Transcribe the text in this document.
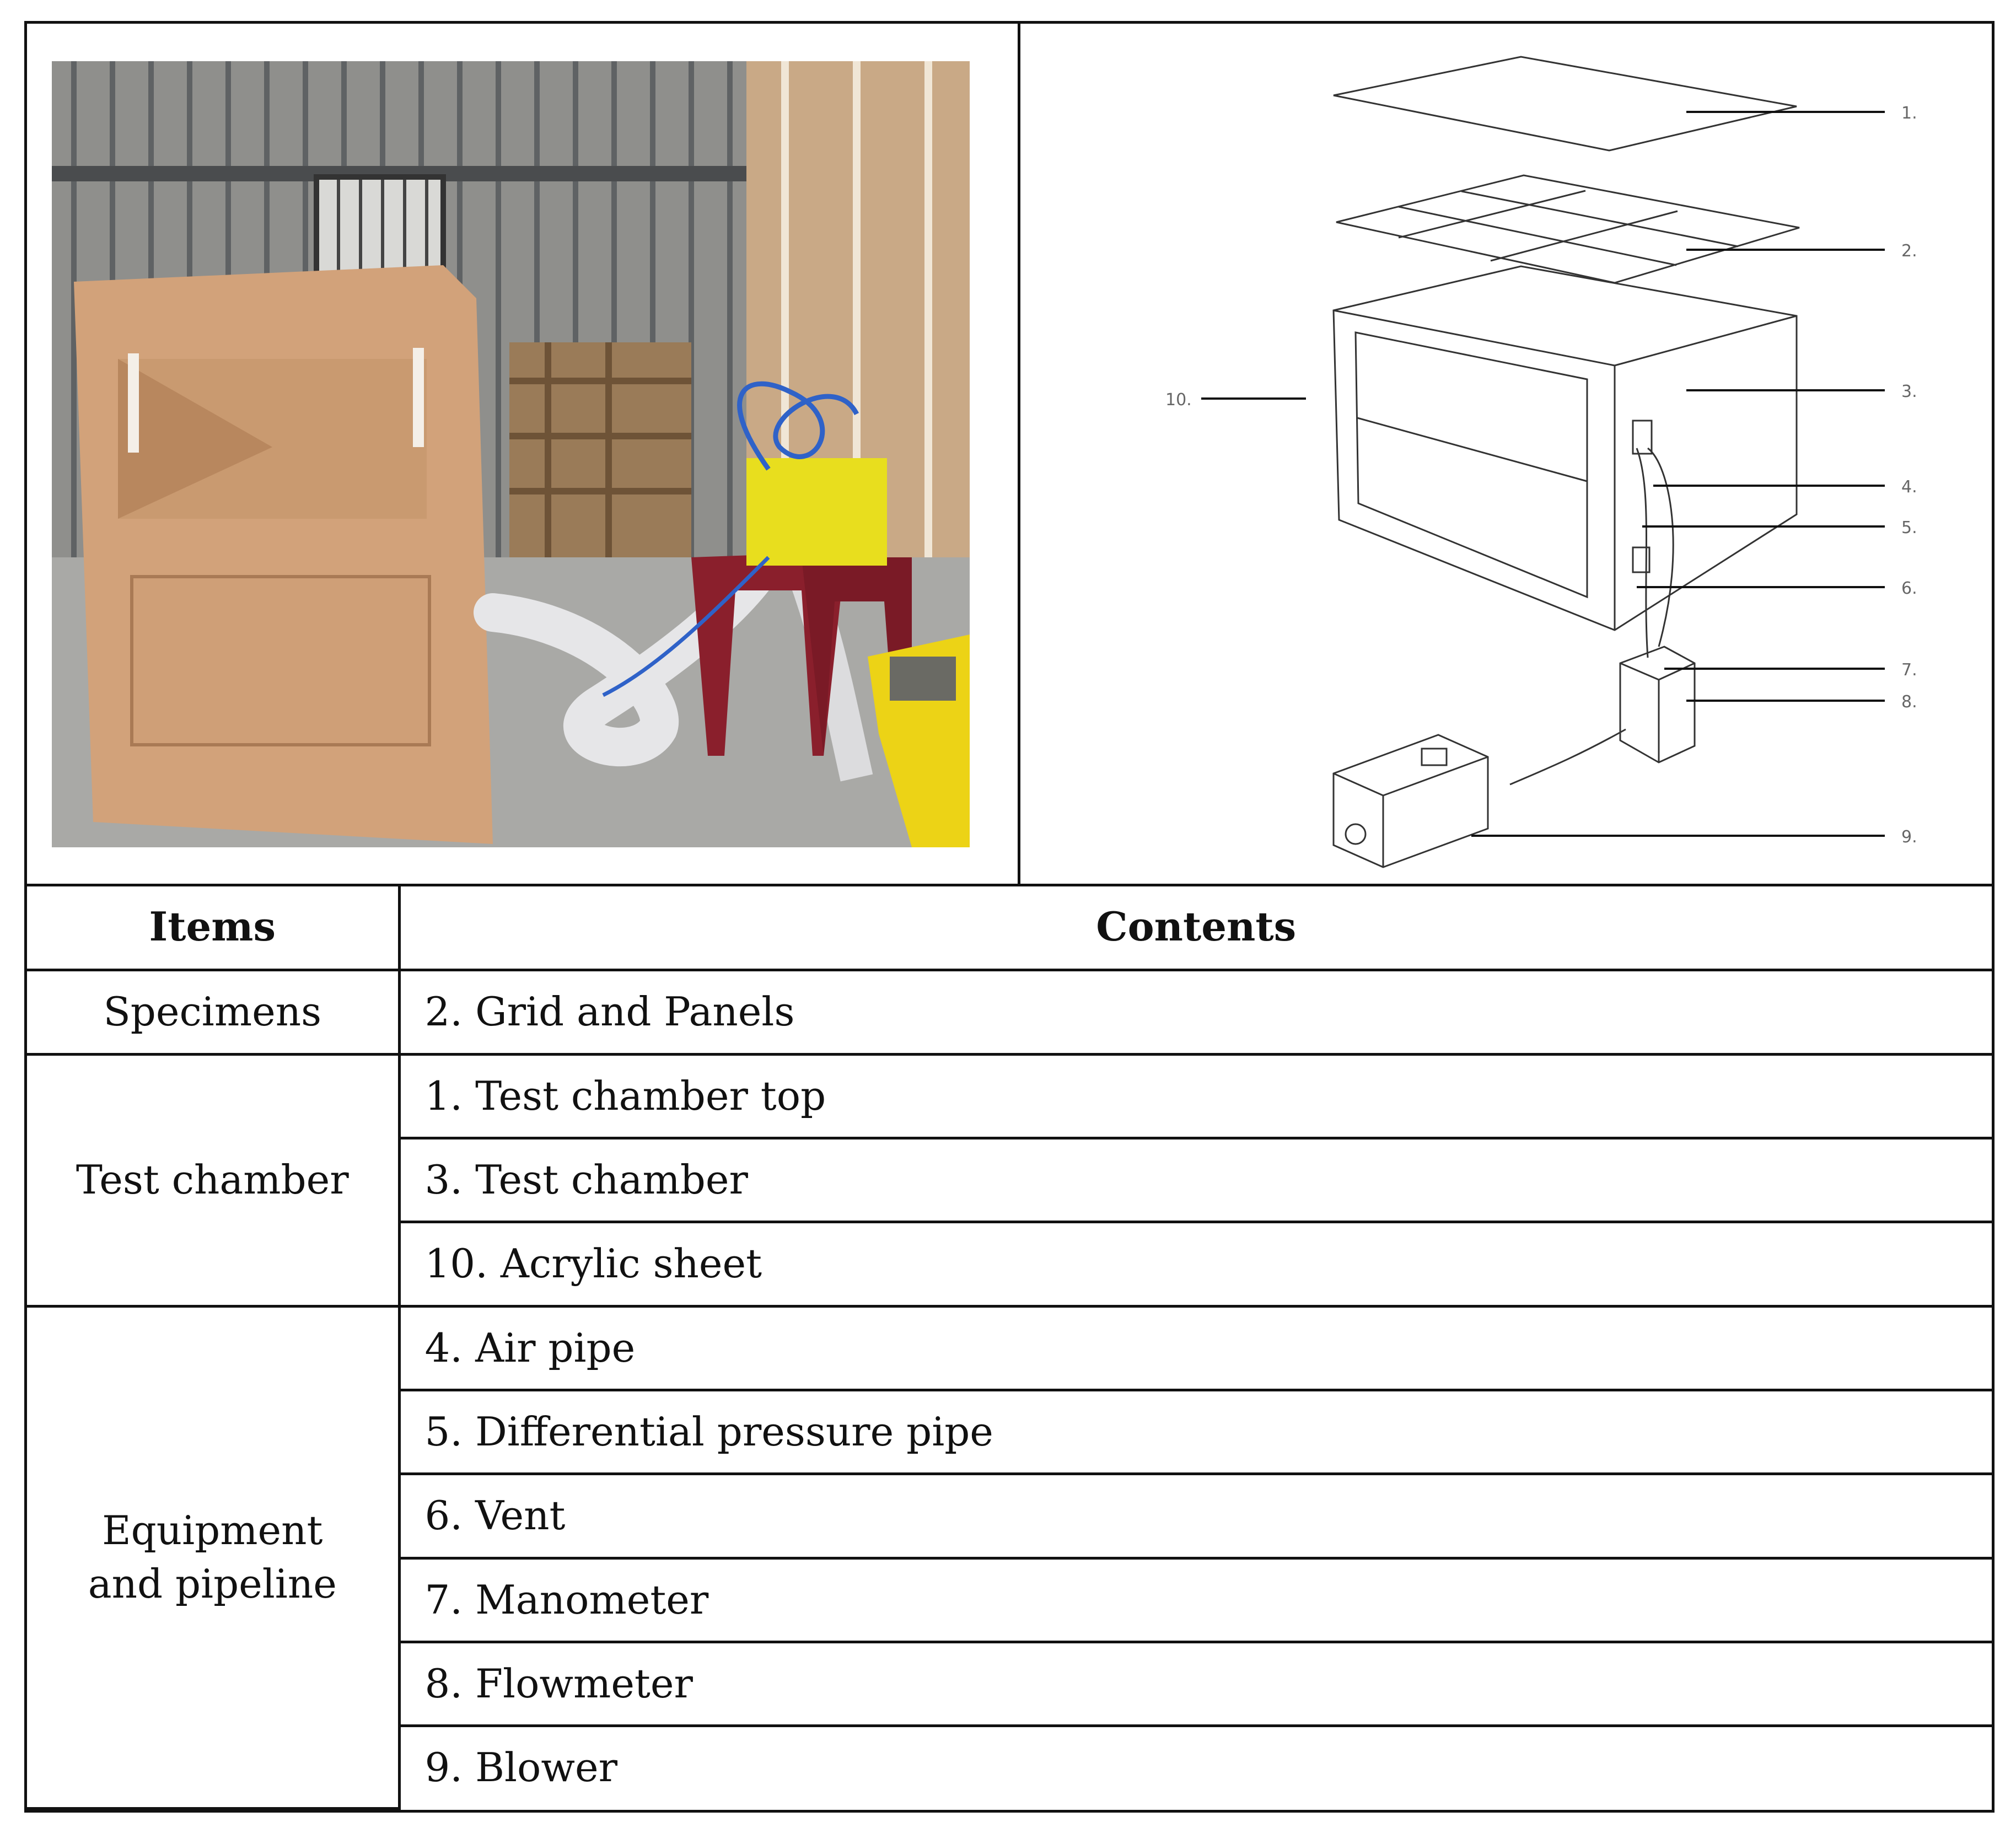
1.
2.
3.
4.
5.
6.
7.
8.
9.
10.
Items	Contents
Specimens	2. Grid and Panels
Test chamber	1. Test chamber top
	3. Test chamber
	10. Acrylic sheet

Equipment
and pipeline	4. Air pipe
	5. Differential pressure pipe
	6. Vent
	7. Manometer
	8. Flowmeter
	9. Blower
